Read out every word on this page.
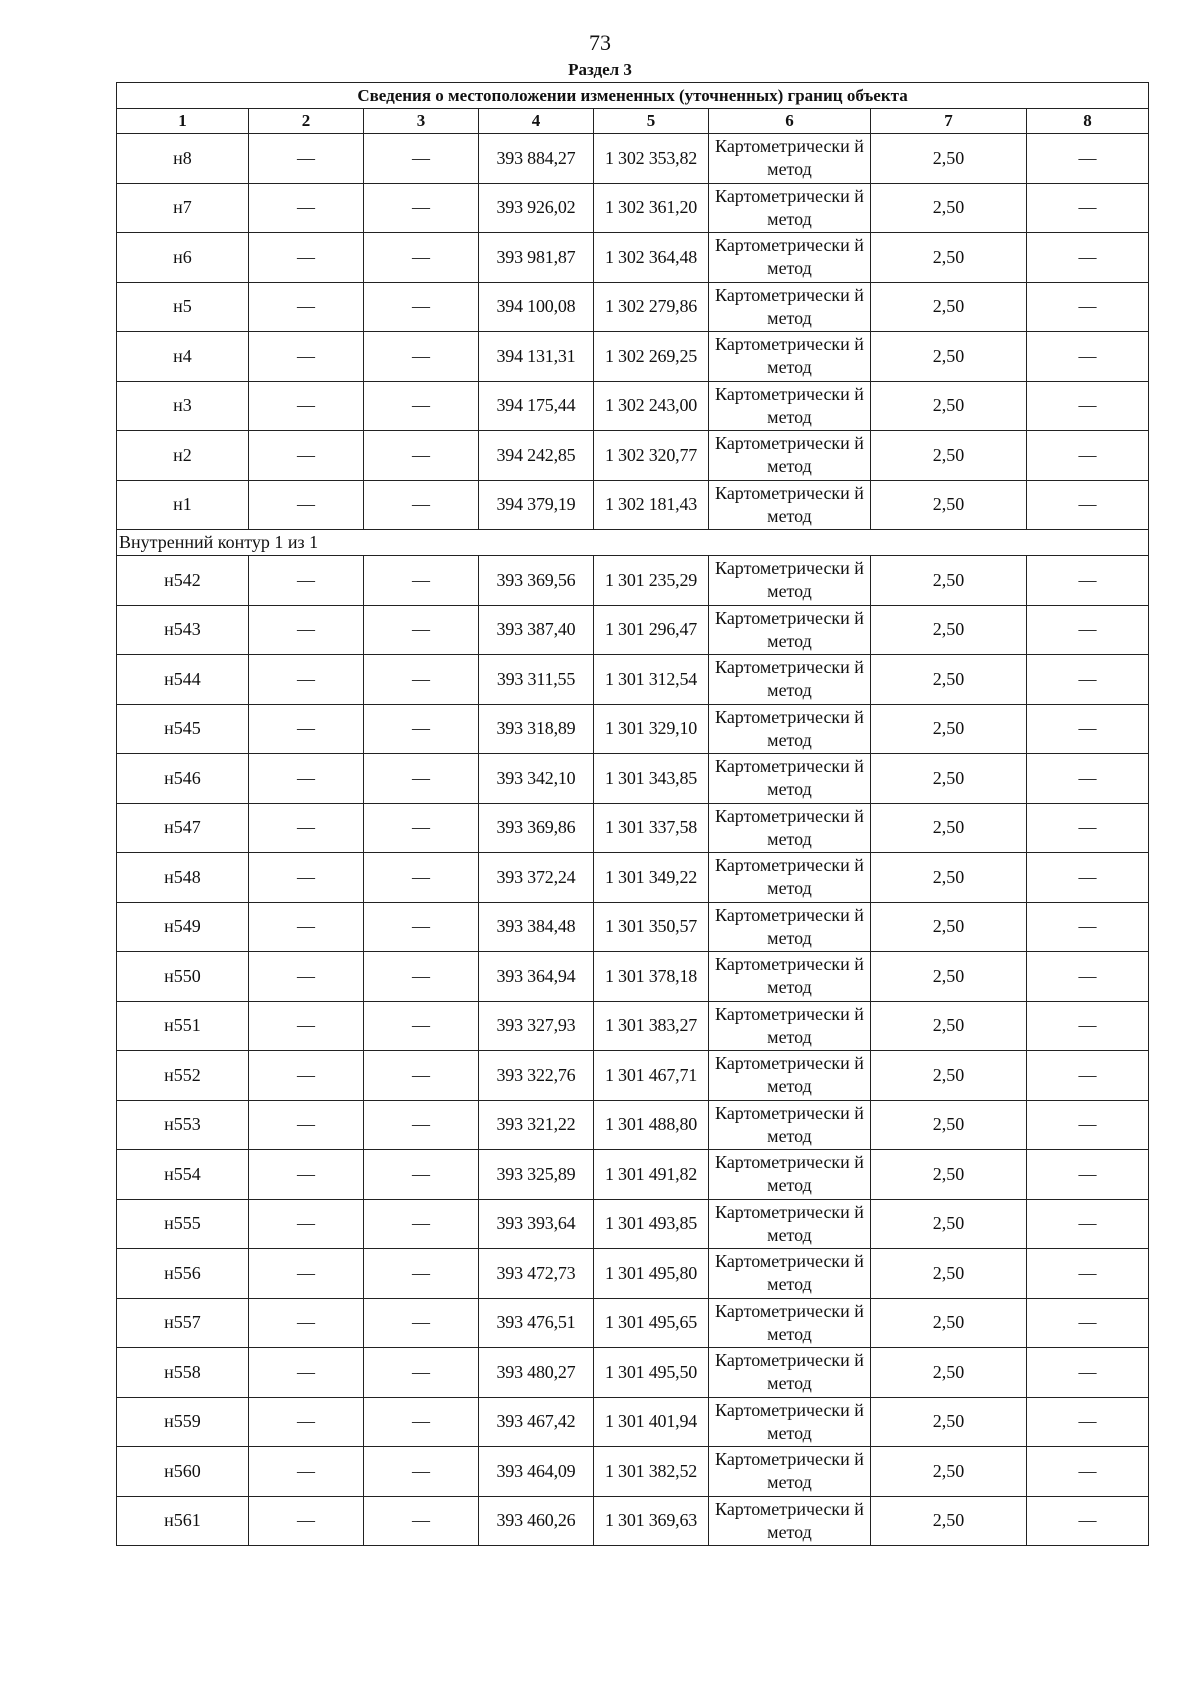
73
Раздел 3
Сведения о местоположении измененных (уточненных) границ объекта							
1	2	3	4	5	6	7	8
н8	—	—	393 884,27	1 302 353,82	Картометрически й метод	2,50	—
н7	—	—	393 926,02	1 302 361,20	Картометрически й метод	2,50	—
н6	—	—	393 981,87	1 302 364,48	Картометрически й метод	2,50	—
н5	—	—	394 100,08	1 302 279,86	Картометрически й метод	2,50	—
н4	—	—	394 131,31	1 302 269,25	Картометрически й метод	2,50	—
н3	—	—	394 175,44	1 302 243,00	Картометрически й метод	2,50	—
н2	—	—	394 242,85	1 302 320,77	Картометрически й метод	2,50	—
н1	—	—	394 379,19	1 302 181,43	Картометрически й метод	2,50	—
Внутренний контур 1 из 1							
н542	—	—	393 369,56	1 301 235,29	Картометрически й метод	2,50	—
н543	—	—	393 387,40	1 301 296,47	Картометрически й метод	2,50	—
н544	—	—	393 311,55	1 301 312,54	Картометрически й метод	2,50	—
н545	—	—	393 318,89	1 301 329,10	Картометрически й метод	2,50	—
н546	—	—	393 342,10	1 301 343,85	Картометрически й метод	2,50	—
н547	—	—	393 369,86	1 301 337,58	Картометрически й метод	2,50	—
н548	—	—	393 372,24	1 301 349,22	Картометрически й метод	2,50	—
н549	—	—	393 384,48	1 301 350,57	Картометрически й метод	2,50	—
н550	—	—	393 364,94	1 301 378,18	Картометрически й метод	2,50	—
н551	—	—	393 327,93	1 301 383,27	Картометрически й метод	2,50	—
н552	—	—	393 322,76	1 301 467,71	Картометрически й метод	2,50	—
н553	—	—	393 321,22	1 301 488,80	Картометрически й метод	2,50	—
н554	—	—	393 325,89	1 301 491,82	Картометрически й метод	2,50	—
н555	—	—	393 393,64	1 301 493,85	Картометрически й метод	2,50	—
н556	—	—	393 472,73	1 301 495,80	Картометрически й метод	2,50	—
н557	—	—	393 476,51	1 301 495,65	Картометрически й метод	2,50	—
н558	—	—	393 480,27	1 301 495,50	Картометрически й метод	2,50	—
н559	—	—	393 467,42	1 301 401,94	Картометрически й метод	2,50	—
н560	—	—	393 464,09	1 301 382,52	Картометрически й метод	2,50	—
н561	—	—	393 460,26	1 301 369,63	Картометрически й метод	2,50	—
